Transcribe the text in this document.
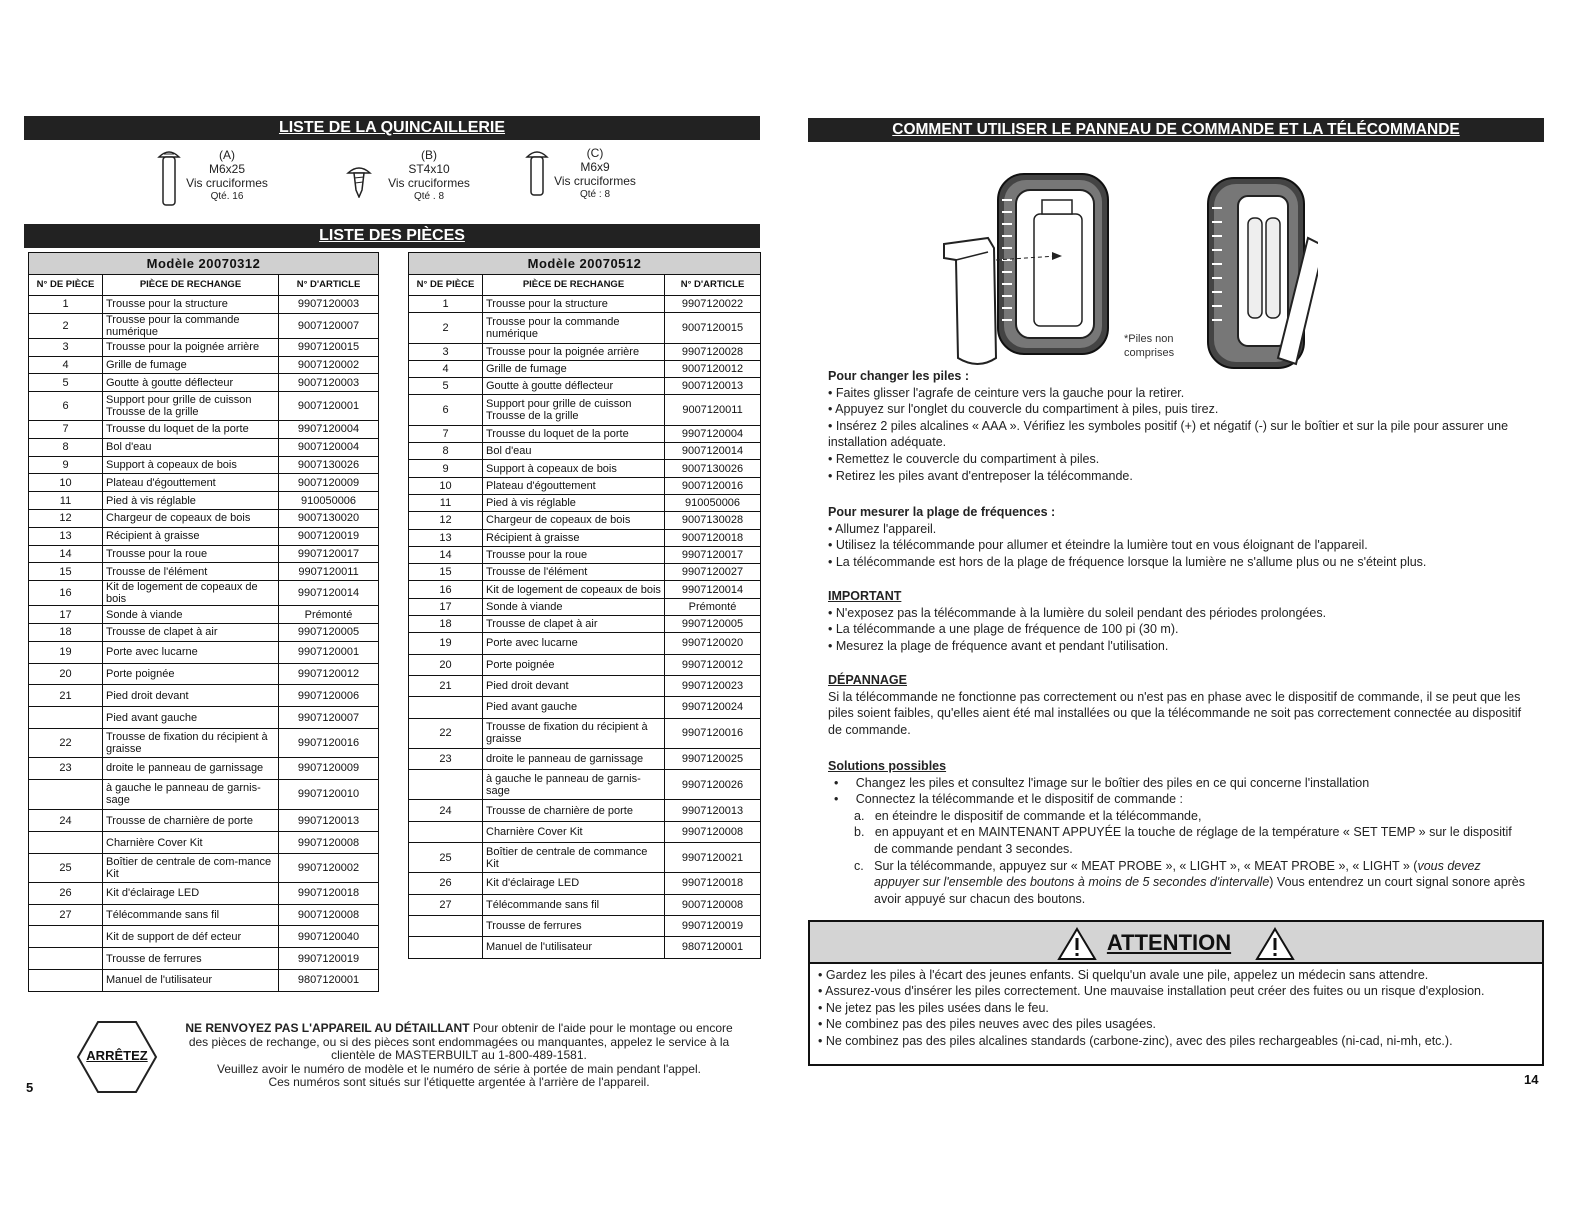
LISTE DE LA QUINCAILLERIE
(A)
M6x25
Vis cruciformes
Qté. 16
(B)
ST4x10
Vis cruciformes
Qté . 8
(C)
M6x9
Vis cruciformes
Qté : 8
LISTE DES PIÈCES
Modèle 20070312		
N° DE PIÈCE	PIÈCE DE RECHANGE	N° D'ARTICLE
1	Trousse pour la structure	9907120003
2	Trousse pour la commande numérique	9007120007
3	Trousse pour la poignée arrière	9907120015
4	Grille de fumage	9007120002
5	Goutte à goutte déflecteur	9007120003
6	Support pour grille de cuisson Trousse de la grille	9007120001
7	Trousse du loquet de la porte	9907120004
8	Bol d'eau	9007120004
9	Support à copeaux de bois	9007130026
10	Plateau d'égouttement	9007120009
11	Pied à vis réglable	910050006
12	Chargeur de copeaux de bois	9007130020
13	Récipient à graisse	9007120019
14	Trousse pour la roue	9907120017
15	Trousse de l'élément	9907120011
16	Kit de logement de copeaux de bois	9907120014
17	Sonde à viande	Prémonté
18	Trousse de clapet à air	9907120005
19	Porte avec lucarne	9907120001
20	Porte poignée	9907120012
21	Pied droit devant	9907120006
	Pied avant gauche	9907120007
22	Trousse de fixation du récipient à graisse	9907120016
23	droite le panneau de garnissage	9907120009
	à gauche le panneau de garnis-sage	9907120010
24	Trousse de charnière de porte	9907120013
	Charnière Cover Kit	9907120008
25	Boîtier de centrale de com-mance Kit	9907120002
26	Kit d'éclairage LED	9907120018
27	Télécommande sans fil	9007120008
	Kit de support de déf ecteur	9907120040
	Trousse de ferrures	9907120019
	Manuel de l'utilisateur	9807120001
Modèle 20070512		
N° DE PIÈCE	PIÈCE DE RECHANGE	N° D'ARTICLE
1	Trousse pour la structure	9907120022
2	Trousse pour la commande numérique	9007120015
3	Trousse pour la poignée arrière	9907120028
4	Grille de fumage	9007120012
5	Goutte à goutte déflecteur	9007120013
6	Support pour grille de cuisson Trousse de la grille	9007120011
7	Trousse du loquet de la porte	9907120004
8	Bol d'eau	9007120014
9	Support à copeaux de bois	9007130026
10	Plateau d'égouttement	9007120016
11	Pied à vis réglable	910050006
12	Chargeur de copeaux de bois	9007130028
13	Récipient à graisse	9007120018
14	Trousse pour la roue	9907120017
15	Trousse de l'élément	9907120027
16	Kit de logement de copeaux de bois	9907120014
17	Sonde à viande	Prémonté
18	Trousse de clapet à air	9907120005
19	Porte avec lucarne	9907120020
20	Porte poignée	9907120012
21	Pied droit devant	9907120023
	Pied avant gauche	9907120024
22	Trousse de fixation du récipient à graisse	9907120016
23	droite le panneau de garnissage	9907120025
	à gauche le panneau de garnis-sage	9907120026
24	Trousse de charnière de porte	9907120013
	Charnière Cover Kit	9907120008
25	Boîtier de centrale de commance Kit	9907120021
26	Kit d'éclairage LED	9907120018
27	Télécommande sans fil	9007120008
	Trousse de ferrures	9907120019
	Manuel de l'utilisateur	9807120001
ARRÊTEZ
NE RENVOYEZ PAS L'APPAREIL AU DÉTAILLANT Pour obtenir de l'aide pour le montage ou encore des pièces de rechange, ou si des pièces sont endommagées ou manquantes, appelez le service à la clientèle de MASTERBUILT au 1-800-489-1581.
Veuillez avoir le numéro de modèle et le numéro de série à portée de main pendant l'appel.
Ces numéros sont situés sur l'étiquette argentée à l'arrière de l'appareil.
5
COMMENT UTILISER LE PANNEAU DE COMMANDE ET LA TÉLÉCOMMANDE
*Piles non comprises

Pour changer les piles :

• Faites glisser l'agrafe de ceinture vers la gauche pour la retirer.

• Appuyez sur l'onglet du couvercle du compartiment à piles, puis tirez.

• Insérez 2 piles alcalines « AAA ». Vérifiez les symboles positif (+) et négatif (-) sur le boîtier et sur la pile pour assurer une installation adéquate.

• Remettez le couvercle du compartiment à piles.

• Retirez les piles avant d'entreposer la télécommande.

Pour mesurer la plage de fréquences :

• Allumez l'appareil.

• Utilisez la télécommande pour allumer et éteindre la lumière tout en vous éloignant de l'appareil.

• La télécommande est hors de la plage de fréquence lorsque la lumière ne s'allume plus ou ne s'éteint plus.

IMPORTANT

• N'exposez pas la télécommande à la lumière du soleil pendant des périodes prolongées.

• La télécommande a une plage de fréquence de 100 pi (30 m).

• Mesurez la plage de fréquence avant et pendant l'utilisation.

DÉPANNAGE

Si la télécommande ne fonctionne pas correctement ou n'est pas en phase avec le dispositif de commande, il se peut que les piles soient faibles, qu'elles aient été mal installées ou que la télécommande ne soit pas correctement connectée au dispositif de commande.

Solutions possibles

•     Changez les piles et consultez l'image sur le boîtier des piles en ce qui concerne l'installation

•     Connectez la télécommande et le dispositif de commande :

a.   en éteindre le dispositif de commande et la télécommande,

b.   en appuyant et en MAINTENANT APPUYÉE la touche de réglage de la température « SET TEMP » sur le dispositif de commande pendant 3 secondes.

c.   Sur la télécommande, appuyez sur « MEAT PROBE », « LIGHT », « MEAT PROBE », « LIGHT » (vous devez appuyer sur l'ensemble des boutons à moins de 5 secondes d'intervalle) Vous entendrez un court signal sonore après avoir appuyé sur chacun des boutons.

ATTENTION

• Gardez les piles à l'écart des jeunes enfants. Si quelqu'un avale une pile, appelez un médecin sans attendre.

• Assurez-vous d'insérer les piles correctement. Une mauvaise installation peut créer des fuites ou un risque d'explosion.

• Ne jetez pas les piles usées dans le feu.

• Ne combinez pas des piles neuves avec des piles usagées.

• Ne combinez pas des piles alcalines standards (carbone-zinc), avec des piles rechargeables (ni-cad, ni-mh, etc.).

14
